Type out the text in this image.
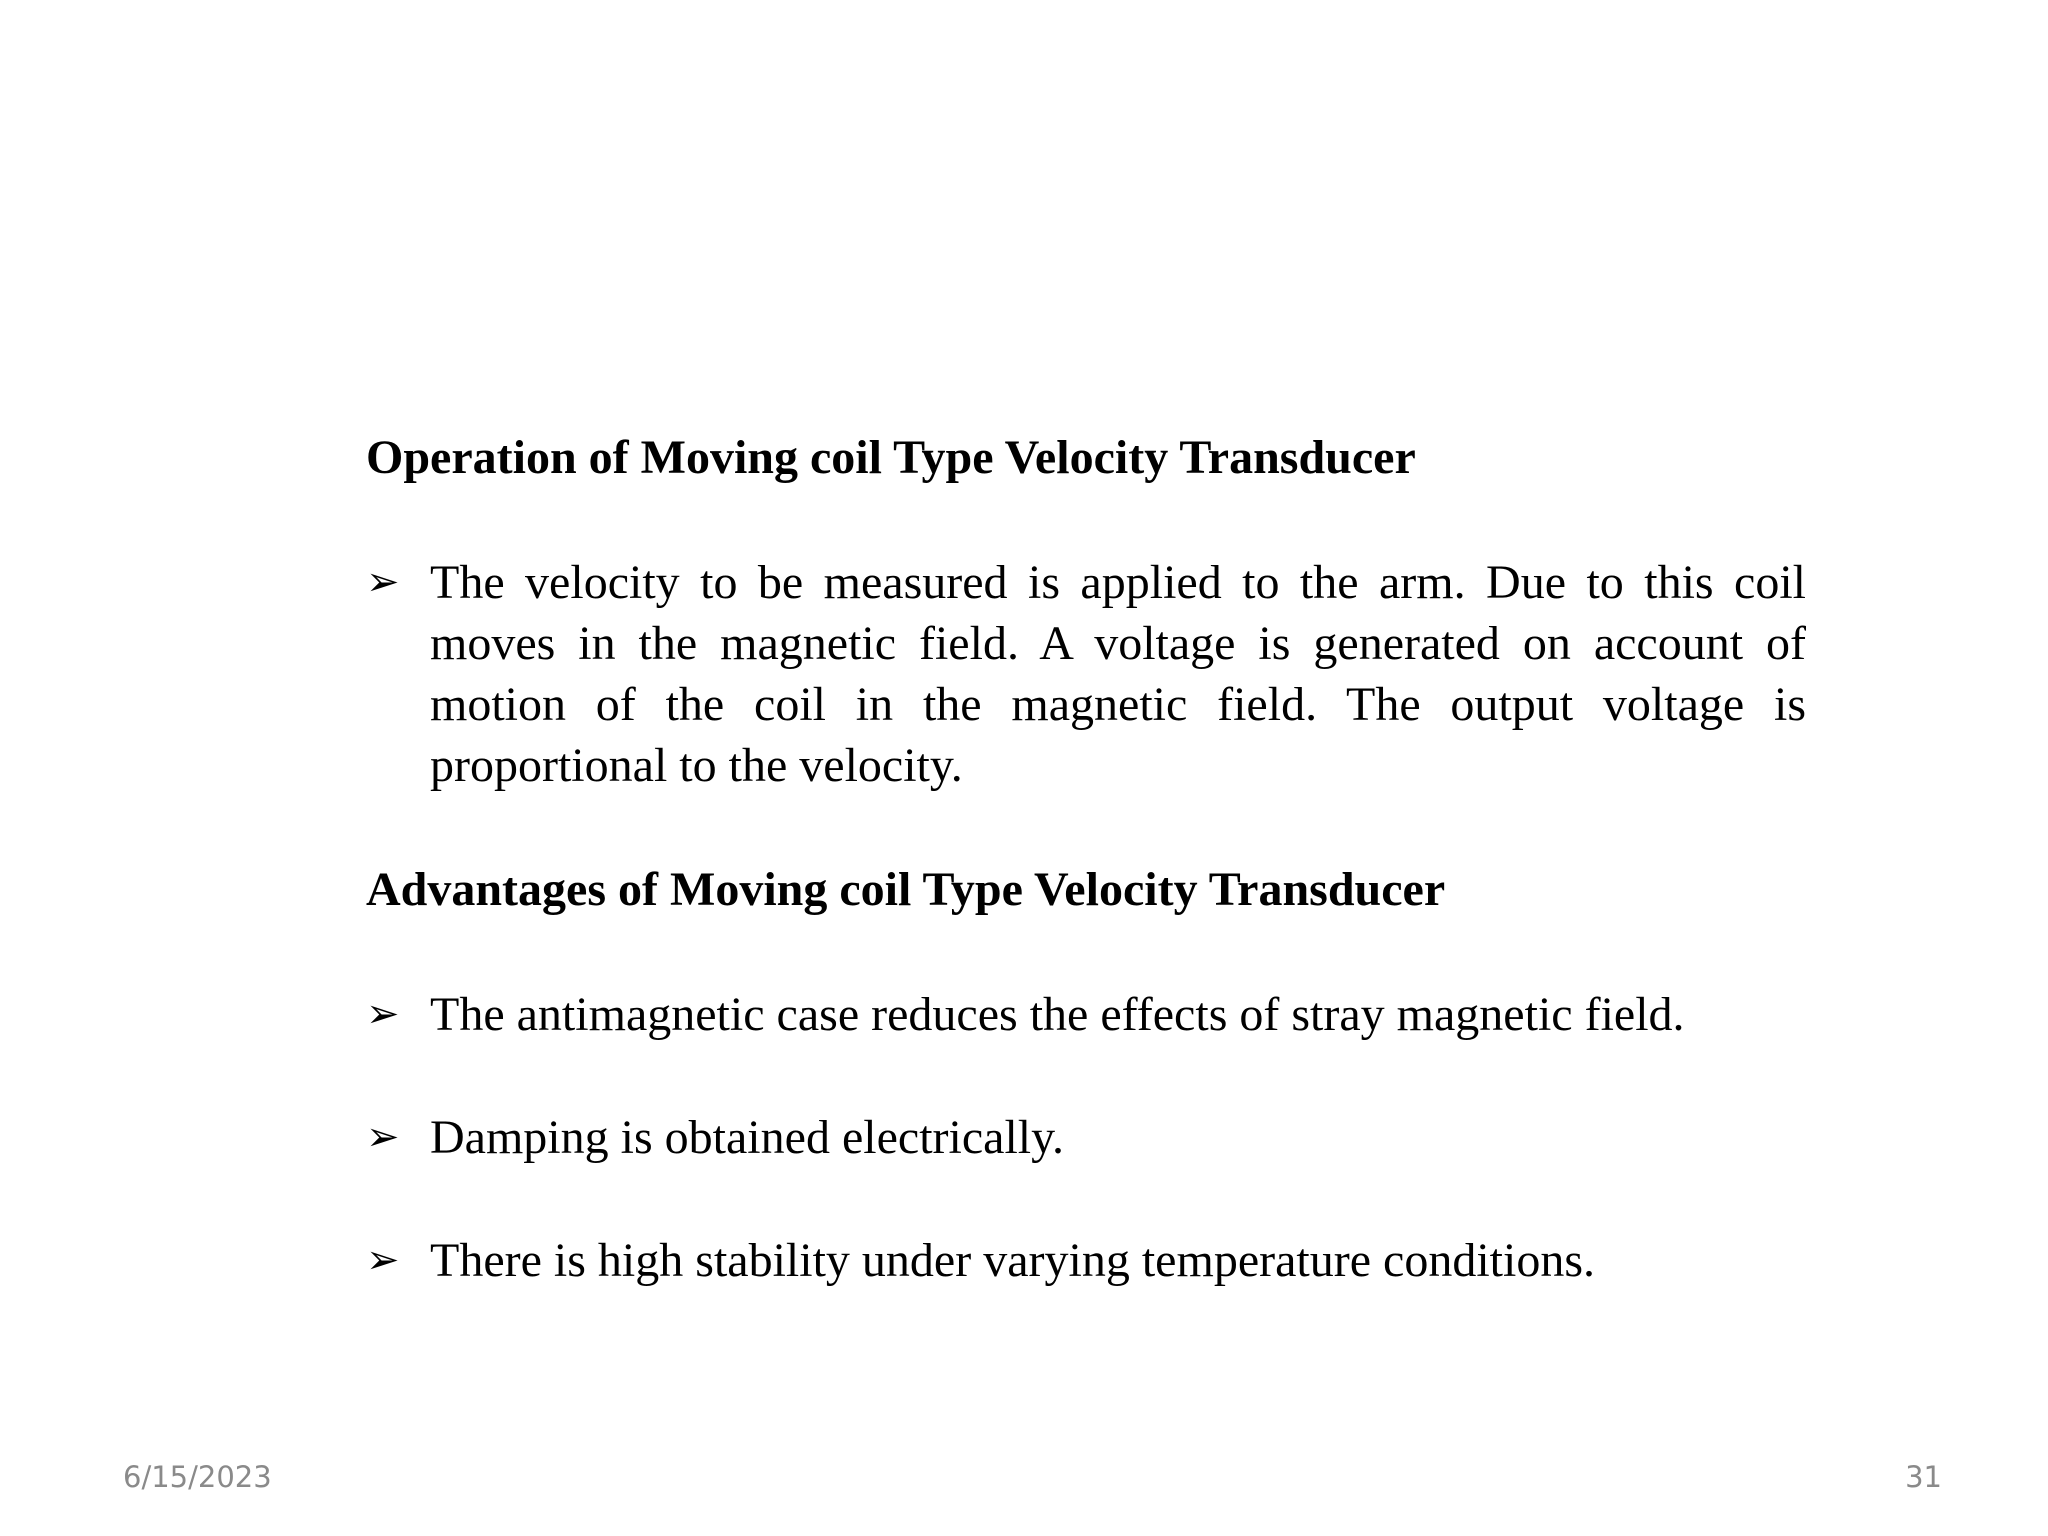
Operation of Moving coil Type Velocity Transducer

➢ The velocity to be measured is applied to the arm. Due to this coil moves in the magnetic field. A voltage is generated on account of motion of the coil in the magnetic field. The output voltage is proportional to the velocity.

Advantages of Moving coil Type Velocity Transducer

➢ The antimagnetic case reduces the effects of stray magnetic field.
➢ Damping is obtained electrically.
➢ There is high stability under varying temperature conditions.
6/15/2023	31
